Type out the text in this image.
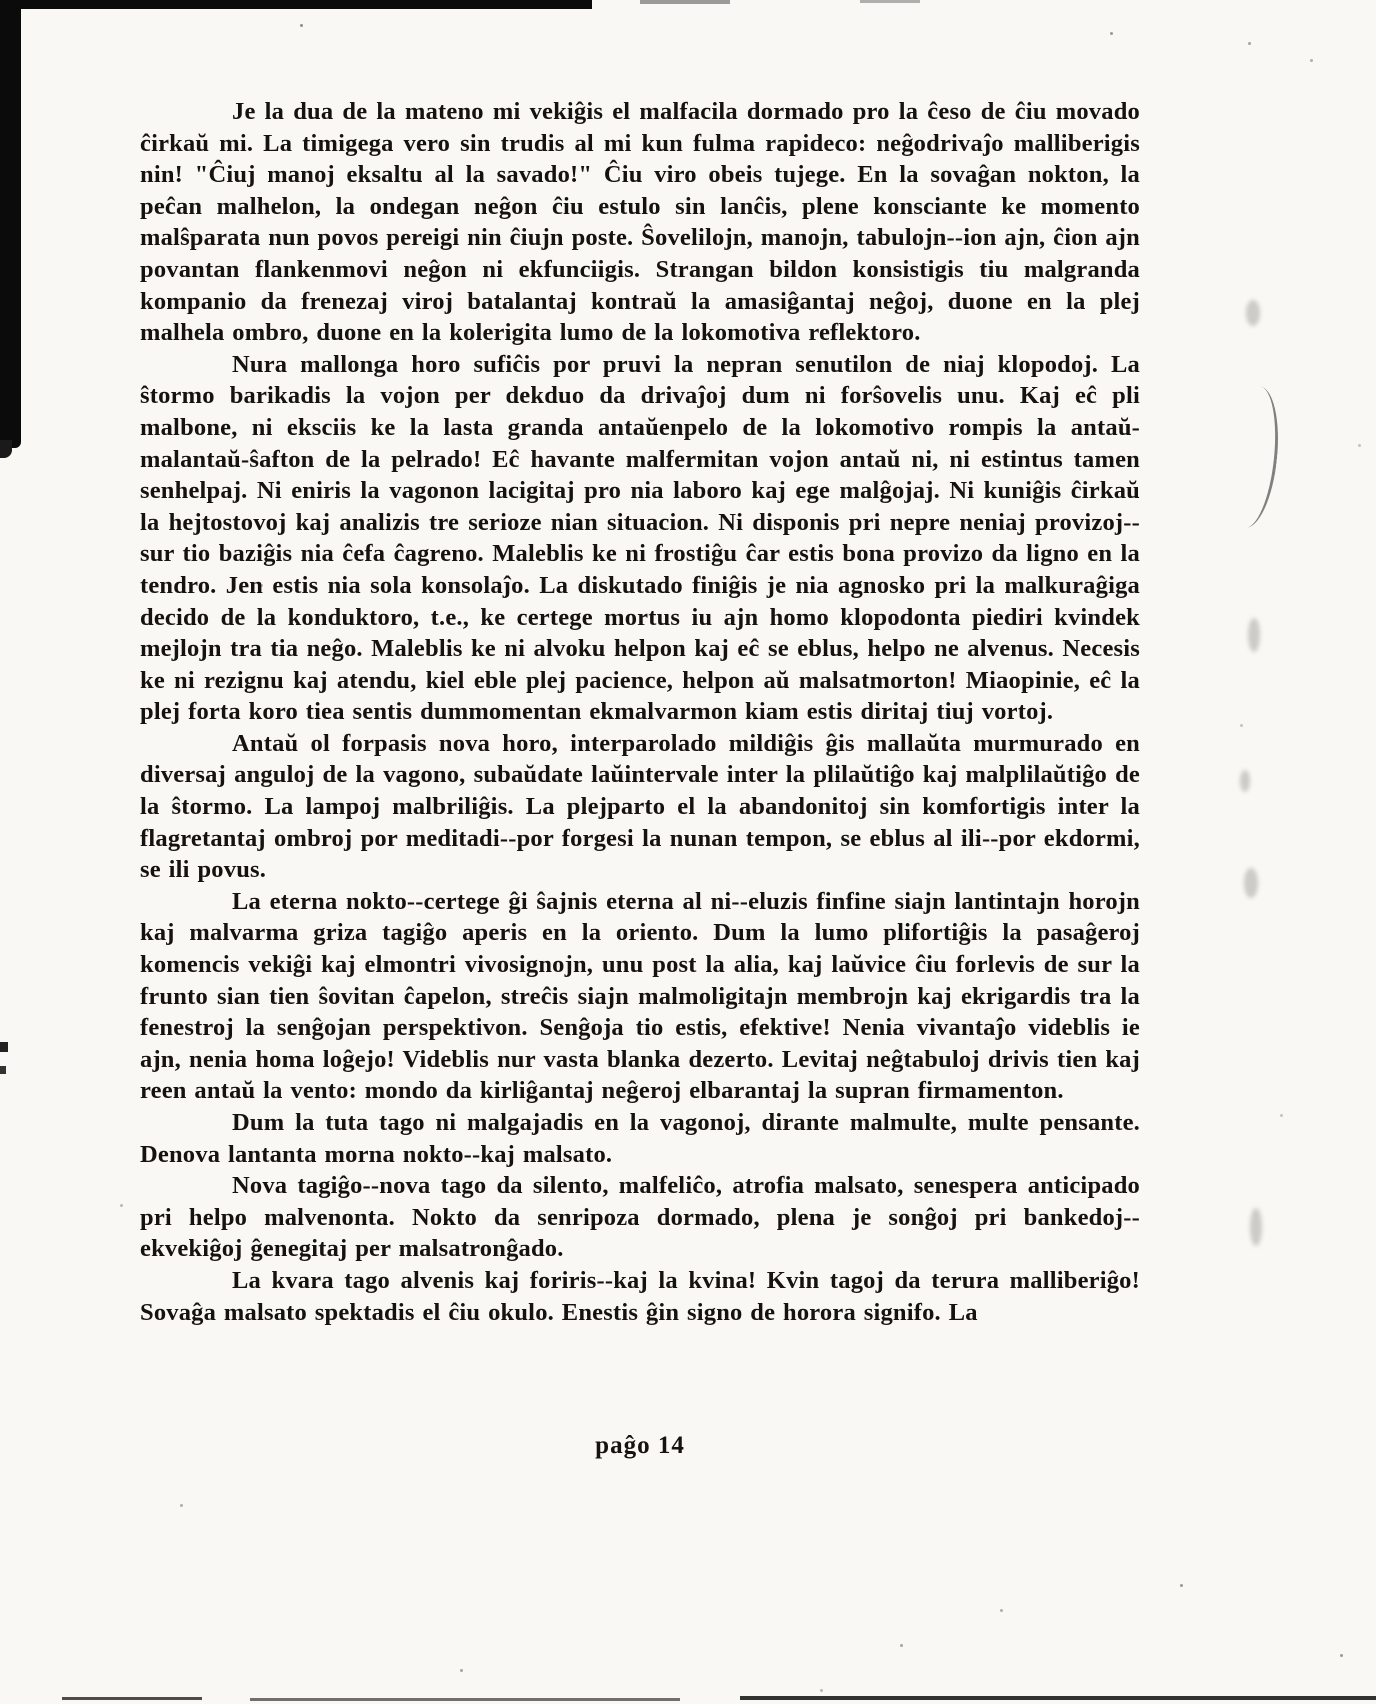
Je la dua de la mateno mi vekiĝis el malfacila dormado pro la ĉeso de ĉiu movado ĉirkaŭ mi. La timigega vero sin trudis al mi kun fulma rapideco: neĝodrivaĵo malliberigis nin! "Ĉiuj manoj eksaltu al la savado!" Ĉiu viro obeis tujege. En la sovaĝan nokton, la peĉan malhelon, la ondegan neĝon ĉiu estulo sin lanĉis, plene konsciante ke momento malŝparata nun povos pereigi nin ĉiujn poste. Ŝovelilojn, manojn, tabulojn--ion ajn, ĉion ajn povantan flankenmovi neĝon ni ekfunciigis. Strangan bildon konsistigis tiu malgranda kompanio da frenezaj viroj batalantaj kontraŭ la amasiĝantaj neĝoj, duone en la plej malhela ombro, duone en la kolerigita lumo de la lokomotiva reflektoro.

Nura mallonga horo sufiĉis por pruvi la nepran senutilon de niaj klopodoj. La ŝtormo barikadis la vojon per dekduo da drivaĵoj dum ni forŝovelis unu. Kaj eĉ pli malbone, ni eksciis ke la lasta granda antaŭenpelo de la lokomotivo rompis la antaŭ-malantaŭ-ŝafton de la pelrado! Eĉ havante malfermitan vojon antaŭ ni, ni estintus tamen senhelpaj. Ni eniris la vagonon lacigitaj pro nia laboro kaj ege malĝojaj. Ni kuniĝis ĉirkaŭ la hejtostovoj kaj analizis tre serioze nian situacion. Ni disponis pri nepre neniaj provizoj--sur tio baziĝis nia ĉefa ĉagreno. Maleblis ke ni frostiĝu ĉar estis bona provizo da ligno en la tendro. Jen estis nia sola konsolaĵo. La diskutado finiĝis je nia agnosko pri la malkuraĝiga decido de la konduktoro, t.e., ke certege mortus iu ajn homo klopodonta piediri kvindek mejlojn tra tia neĝo. Maleblis ke ni alvoku helpon kaj eĉ se eblus, helpo ne alvenus. Necesis ke ni rezignu kaj atendu, kiel eble plej pacience, helpon aŭ malsatmorton! Miaopinie, eĉ la plej forta koro tiea sentis dummomentan ekmalvarmon kiam estis diritaj tiuj vortoj.

Antaŭ ol forpasis nova horo, interparolado mildiĝis ĝis mallaŭta murmurado en diversaj anguloj de la vagono, subaŭdate laŭintervale inter la plilaŭtiĝo kaj malplilaŭtiĝo de la ŝtormo. La lampoj malbriliĝis. La plejparto el la abandonitoj sin komfortigis inter la flagretantaj ombroj por meditadi--por forgesi la nunan tempon, se eblus al ili--por ekdormi, se ili povus.

La eterna nokto--certege ĝi ŝajnis eterna al ni--eluzis finfine siajn lantintajn horojn kaj malvarma griza tagiĝo aperis en la oriento. Dum la lumo plifortiĝis la pasaĝeroj komencis vekiĝi kaj elmontri vivosignojn, unu post la alia, kaj laŭvice ĉiu forlevis de sur la frunto sian tien ŝovitan ĉapelon, streĉis siajn malmoligitajn membrojn kaj ekrigardis tra la fenestroj la senĝojan perspektivon. Senĝoja tio estis, efektive! Nenia vivantaĵo videblis ie ajn, nenia homa loĝejo! Videblis nur vasta blanka dezerto. Levitaj neĝtabuloj drivis tien kaj reen antaŭ la vento: mondo da kirliĝantaj neĝeroj elbarantaj la supran firmamenton.

Dum la tuta tago ni malgajadis en la vagonoj, dirante malmulte, multe pensante. Denova lantanta morna nokto--kaj malsato.

Nova tagiĝo--nova tago da silento, malfeliĉo, atrofia malsato, senespera anticipado pri helpo malvenonta. Nokto da senripoza dormado, plena je sonĝoj pri bankedoj--ekvekiĝoj ĝenegitaj per malsatronĝado.

La kvara tago alvenis kaj foriris--kaj la kvina! Kvin tagoj da terura malliberiĝo! Sovaĝa malsato spektadis el ĉiu okulo. Enestis ĝin signo de horora signifo. La

paĝo 14
